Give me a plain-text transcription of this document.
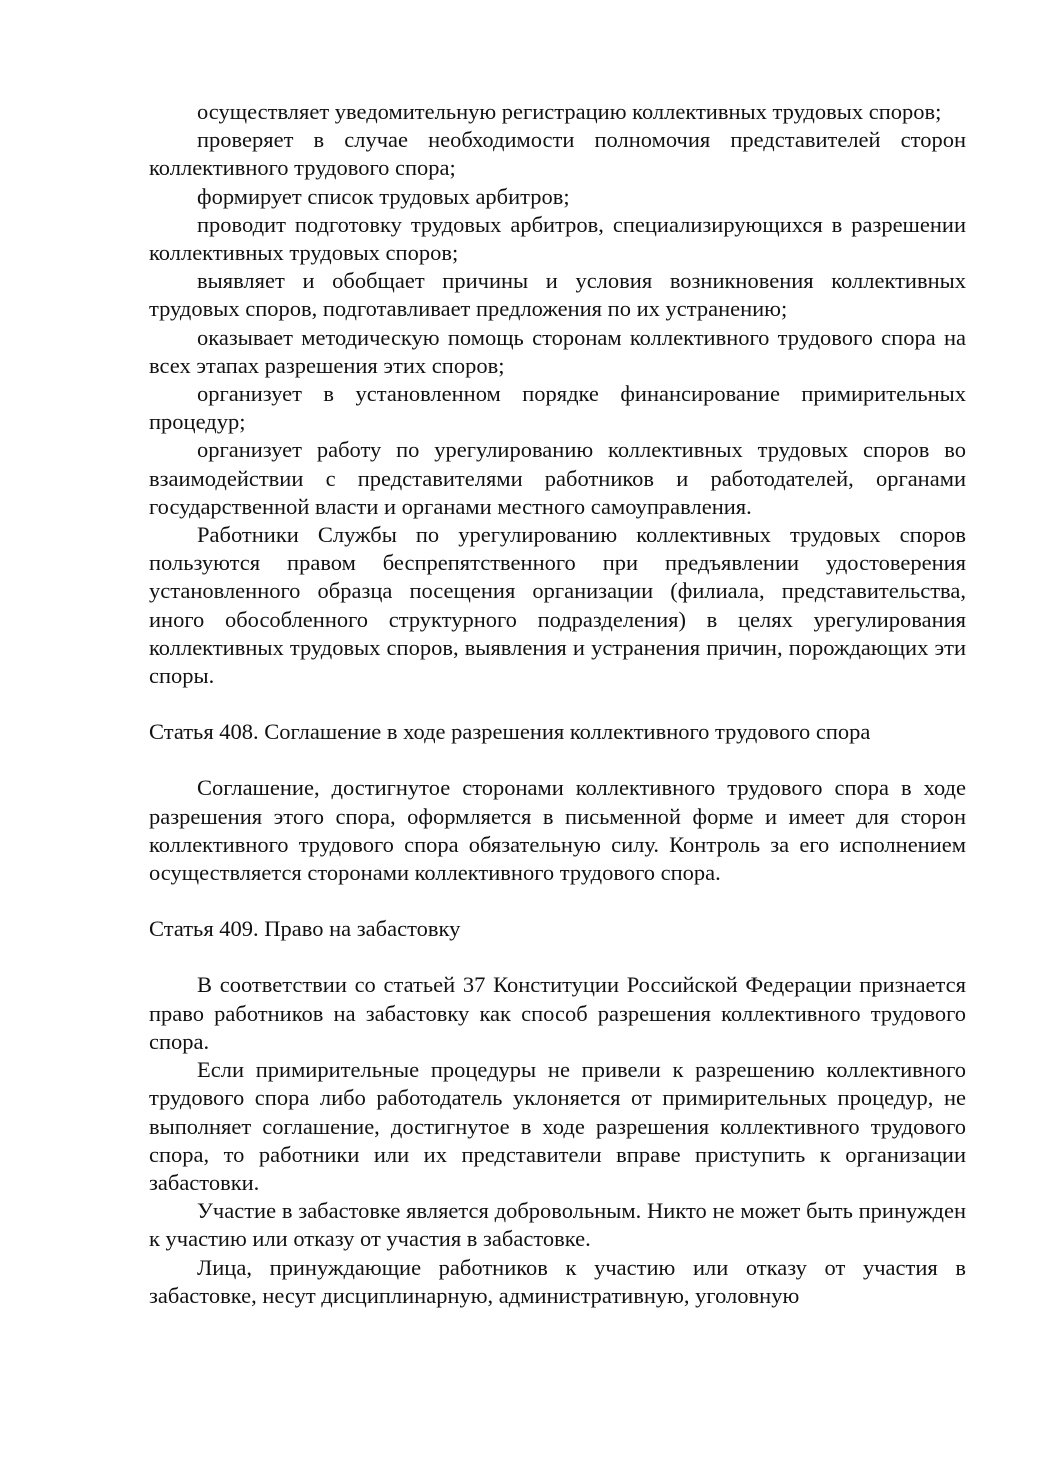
осуществляет уведомительную регистрацию коллективных трудовых споров;

проверяет в случае необходимости полномочия представителей сторон коллективного трудового спора;

формирует список трудовых арбитров;

проводит подготовку трудовых арбитров, специализирующихся в разрешении коллективных трудовых споров;

выявляет и обобщает причины и условия возникновения коллективных трудовых споров, подготавливает предложения по их устранению;

оказывает методическую помощь сторонам коллективного трудового спора на всех этапах разрешения этих споров;

организует в установленном порядке финансирование примирительных процедур;

организует работу по урегулированию коллективных трудовых споров во взаимодействии с представителями работников и работодателей, органами государственной власти и органами местного самоуправления.

Работники Службы по урегулированию коллективных трудовых споров пользуются правом беспрепятственного при предъявлении удостоверения установленного образца посещения организации (филиала, представительства, иного обособленного структурного подразделения) в целях урегулирования коллективных трудовых споров, выявления и устранения причин, порождающих эти споры.

Статья 408. Соглашение в ходе разрешения коллективного трудового спора

Соглашение, достигнутое сторонами коллективного трудового спора в ходе разрешения этого спора, оформляется в письменной форме и имеет для сторон коллективного трудового спора обязательную силу. Контроль за его исполнением осуществляется сторонами коллективного трудового спора.

Статья 409. Право на забастовку

В соответствии со статьей 37 Конституции Российской Федерации признается право работников на забастовку как способ разрешения коллективного трудового спора.

Если примирительные процедуры не привели к разрешению коллективного трудового спора либо работодатель уклоняется от примирительных процедур, не выполняет соглашение, достигнутое в ходе разрешения коллективного трудового спора, то работники или их представители вправе приступить к организации забастовки.

Участие в забастовке является добровольным. Никто не может быть принужден к участию или отказу от участия в забастовке.

Лица, принуждающие работников к участию или отказу от участия в забастовке, несут дисциплинарную, административную, уголовную
